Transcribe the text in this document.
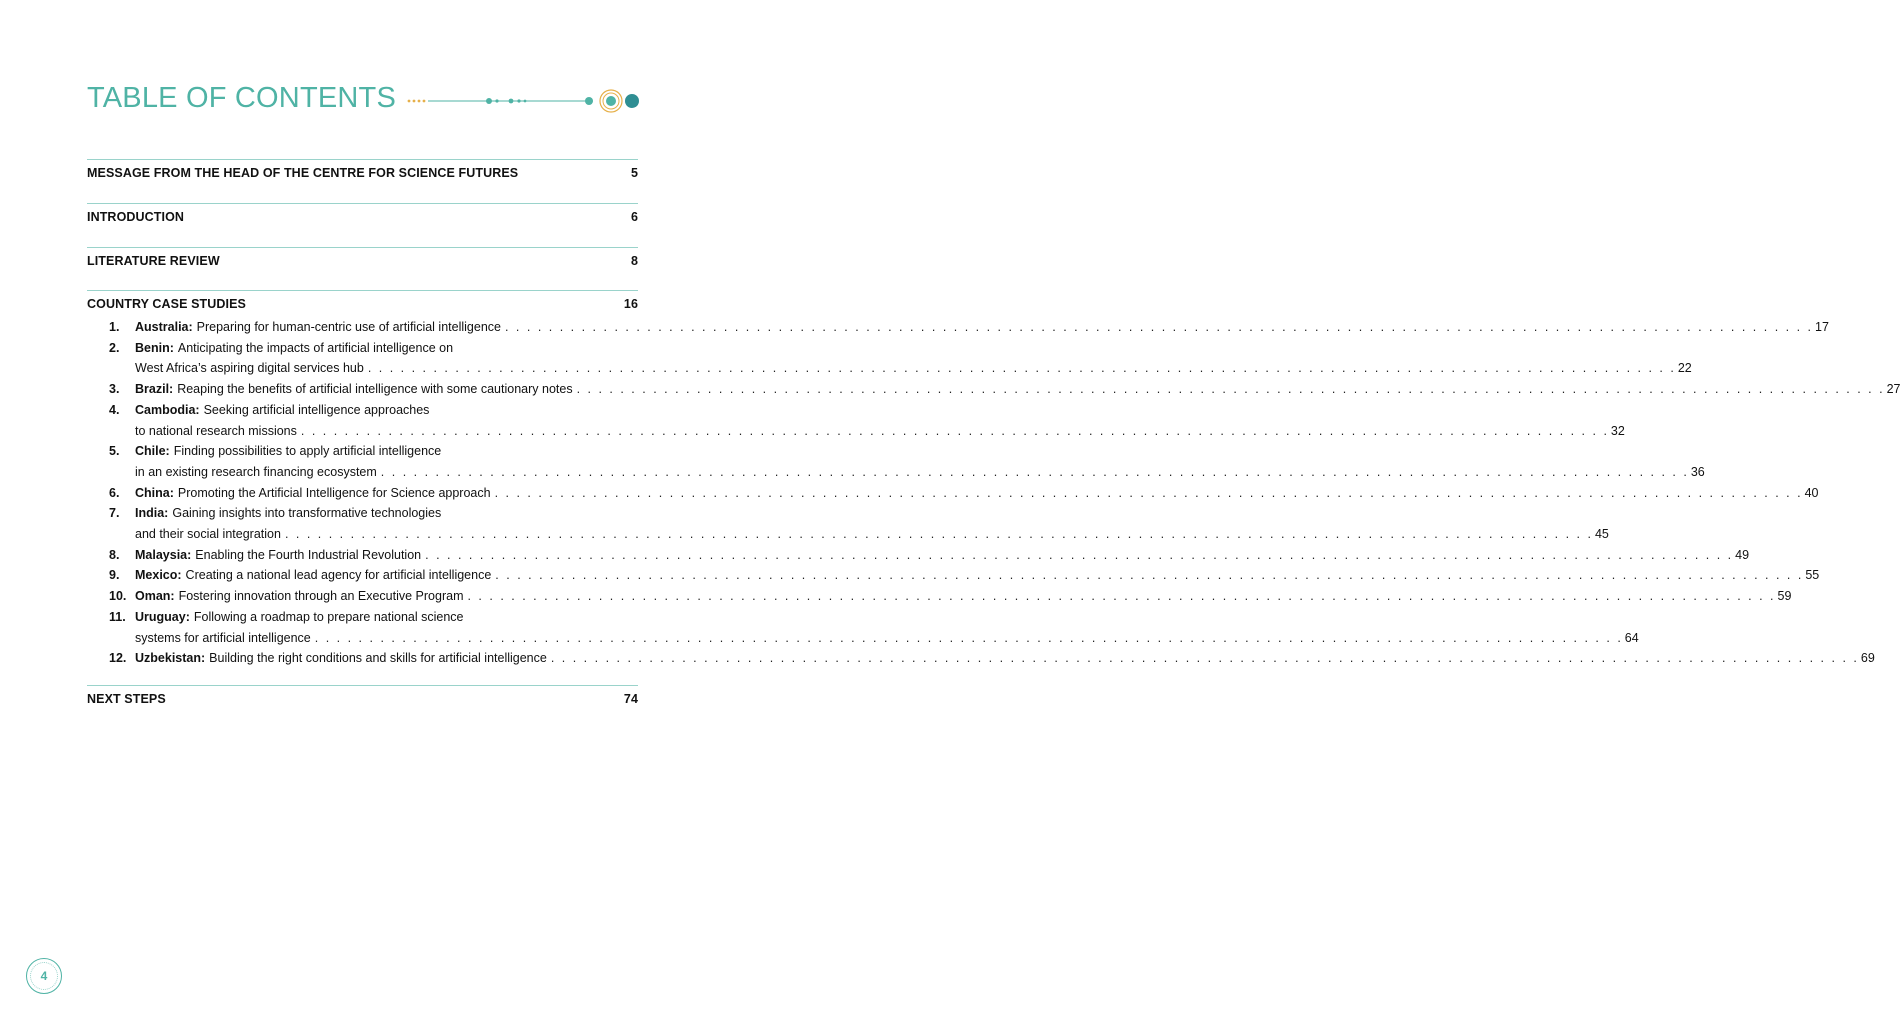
TABLE OF CONTENTS
MESSAGE FROM THE HEAD OF THE CENTRE FOR SCIENCE FUTURES	5
INTRODUCTION	6
LITERATURE REVIEW	8
COUNTRY CASE STUDIES	16
1. Australia: Preparing for human-centric use of artificial intelligence . . . . . . . . . . . . . . . . . . . . . . . . . . . . . . . . . . . . . . . . . . . . . . . . . . . . . . . . . . . . . . . . . . . . . . . . . . . . . . . . . . . . . . . . . . . . . . . . . . . . . . . . . . . . . . . . . . . . . . . . 17
2. Benin: Anticipating the impacts of artificial intelligence on
West Africa’s aspiring digital services hub . . . . . . . . . . . . . . . . . . . . . . . . . . . . . . . . . . . . . . . . . . . . . . . . . . . . . . . . . . . . . . . . . . . . . . . . . . . . . . . . . . . . . . . . . . . . . . . . . . . . . . . . . . . . . . . . . . . . . . . . 22
3. Brazil: Reaping the benefits of artificial intelligence with some cautionary notes . . . . . . . . . . . . . . . . . . . . . . . . . . . . . . . . . . . . . . . . . . . . . . . . . . . . . . . . . . . . . . . . . . . . . . . . . . . . . . . . . . . . . . . . . . . . . . . . . . . . . . . . . . . . . . . . . . . . . . . . 27
4. Cambodia: Seeking artificial intelligence approaches
to national research missions . . . . . . . . . . . . . . . . . . . . . . . . . . . . . . . . . . . . . . . . . . . . . . . . . . . . . . . . . . . . . . . . . . . . . . . . . . . . . . . . . . . . . . . . . . . . . . . . . . . . . . . . . . . . . . . . . . . . . . . . 32
5. Chile: Finding possibilities to apply artificial intelligence
in an existing research financing ecosystem . . . . . . . . . . . . . . . . . . . . . . . . . . . . . . . . . . . . . . . . . . . . . . . . . . . . . . . . . . . . . . . . . . . . . . . . . . . . . . . . . . . . . . . . . . . . . . . . . . . . . . . . . . . . . . . . . . . . . . . . 36
6. China: Promoting the Artificial Intelligence for Science approach . . . . . . . . . . . . . . . . . . . . . . . . . . . . . . . . . . . . . . . . . . . . . . . . . . . . . . . . . . . . . . . . . . . . . . . . . . . . . . . . . . . . . . . . . . . . . . . . . . . . . . . . . . . . . . . . . . . . . . . . 40
7. India: Gaining insights into transformative technologies
and their social integration . . . . . . . . . . . . . . . . . . . . . . . . . . . . . . . . . . . . . . . . . . . . . . . . . . . . . . . . . . . . . . . . . . . . . . . . . . . . . . . . . . . . . . . . . . . . . . . . . . . . . . . . . . . . . . . . . . . . . . . . 45
8. Malaysia: Enabling the Fourth Industrial Revolution . . . . . . . . . . . . . . . . . . . . . . . . . . . . . . . . . . . . . . . . . . . . . . . . . . . . . . . . . . . . . . . . . . . . . . . . . . . . . . . . . . . . . . . . . . . . . . . . . . . . . . . . . . . . . . . . . . . . . . . . 49
9. Mexico: Creating a national lead agency for artificial intelligence . . . . . . . . . . . . . . . . . . . . . . . . . . . . . . . . . . . . . . . . . . . . . . . . . . . . . . . . . . . . . . . . . . . . . . . . . . . . . . . . . . . . . . . . . . . . . . . . . . . . . . . . . . . . . . . . . . . . . . . . 55
10. Oman: Fostering innovation through an Executive Program . . . . . . . . . . . . . . . . . . . . . . . . . . . . . . . . . . . . . . . . . . . . . . . . . . . . . . . . . . . . . . . . . . . . . . . . . . . . . . . . . . . . . . . . . . . . . . . . . . . . . . . . . . . . . . . . . . . . . . . . 59
11. Uruguay: Following a roadmap to prepare national science
systems for artificial intelligence . . . . . . . . . . . . . . . . . . . . . . . . . . . . . . . . . . . . . . . . . . . . . . . . . . . . . . . . . . . . . . . . . . . . . . . . . . . . . . . . . . . . . . . . . . . . . . . . . . . . . . . . . . . . . . . . . . . . . . . . 64
12. Uzbekistan: Building the right conditions and skills for artificial intelligence . . . . . . . . . . . . . . . . . . . . . . . . . . . . . . . . . . . . . . . . . . . . . . . . . . . . . . . . . . . . . . . . . . . . . . . . . . . . . . . . . . . . . . . . . . . . . . . . . . . . . . . . . . . . . . . . . . . . . . . . 69
NEXT STEPS	74
4
